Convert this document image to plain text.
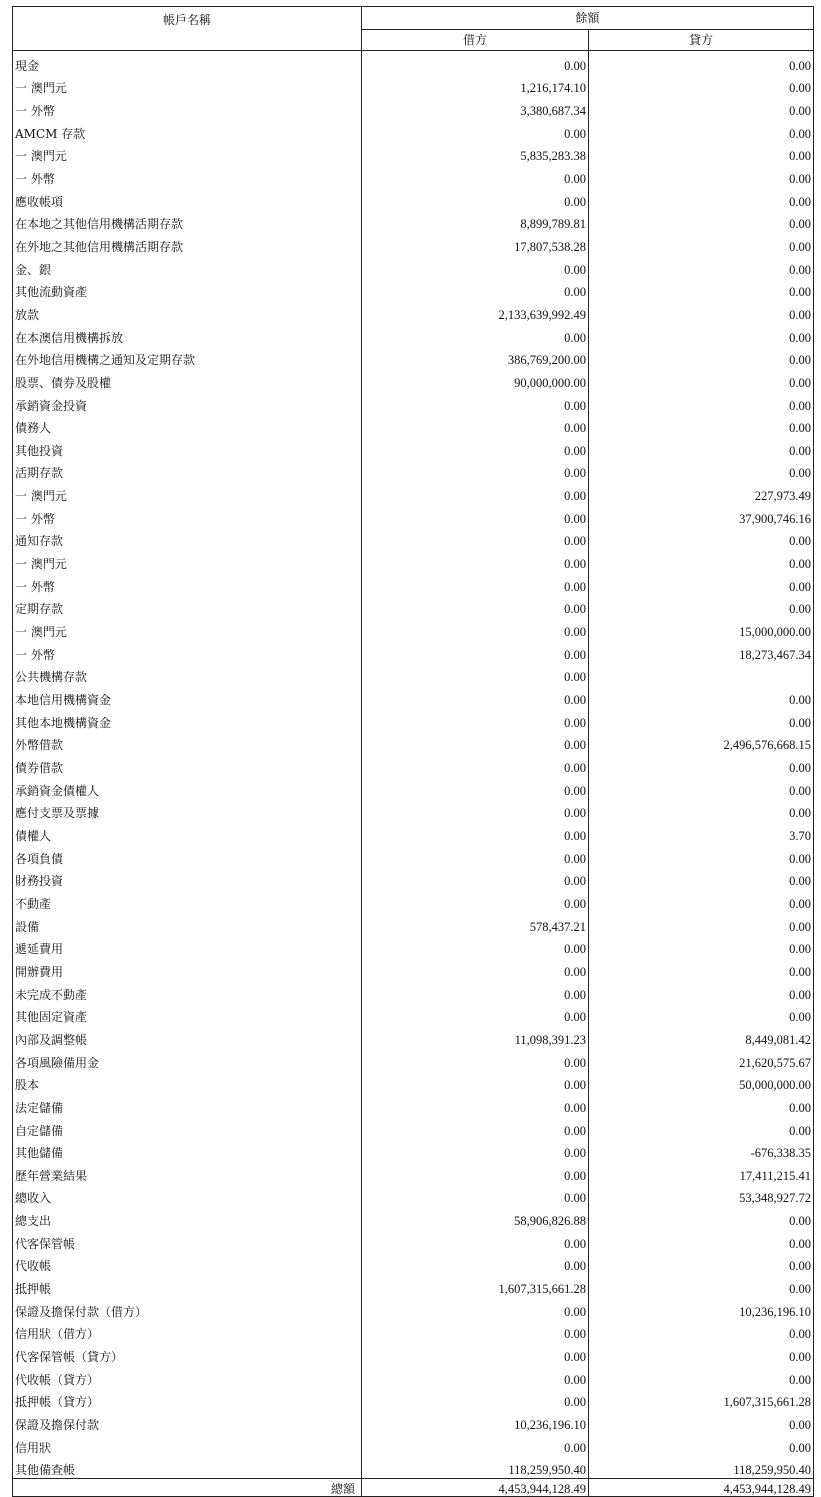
帳戶名稱	餘額	
	借方	貸方
現金	0.00	0.00
一 澳門元	1,216,174.10	0.00
一 外幣	3,380,687.34	0.00
AMCM 存款	0.00	0.00
一 澳門元	5,835,283.38	0.00
一 外幣	0.00	0.00
應收帳項	0.00	0.00
在本地之其他信用機構活期存款	8,899,789.81	0.00
在外地之其他信用機構活期存款	17,807,538.28	0.00
金、銀	0.00	0.00
其他流動資產	0.00	0.00
放款	2,133,639,992.49	0.00
在本澳信用機構拆放	0.00	0.00
在外地信用機構之通知及定期存款	386,769,200.00	0.00
股票、債券及股權	90,000,000.00	0.00
承銷資金投資	0.00	0.00
債務人	0.00	0.00
其他投資	0.00	0.00
活期存款	0.00	0.00
一 澳門元	0.00	227,973.49
一 外幣	0.00	37,900,746.16
通知存款	0.00	0.00
一 澳門元	0.00	0.00
一 外幣	0.00	0.00
定期存款	0.00	0.00
一 澳門元	0.00	15,000,000.00
一 外幣	0.00	18,273,467.34
公共機構存款	0.00	
本地信用機構資金	0.00	0.00
其他本地機構資金	0.00	0.00
外幣借款	0.00	2,496,576,668.15
債券借款	0.00	0.00
承銷資金債權人	0.00	0.00
應付支票及票據	0.00	0.00
債權人	0.00	3.70
各項負債	0.00	0.00
財務投資	0.00	0.00
不動產	0.00	0.00
設備	578,437.21	0.00
遞延費用	0.00	0.00
開辦費用	0.00	0.00
未完成不動產	0.00	0.00
其他固定資產	0.00	0.00
內部及調整帳	11,098,391.23	8,449,081.42
各項風險備用金	0.00	21,620,575.67
股本	0.00	50,000,000.00
法定儲備	0.00	0.00
自定儲備	0.00	0.00
其他儲備	0.00	-676,338.35
歷年營業結果	0.00	17,411,215.41
總收入	0.00	53,348,927.72
總支出	58,906,826.88	0.00
代客保管帳	0.00	0.00
代收帳	0.00	0.00
抵押帳	1,607,315,661.28	0.00
保證及擔保付款（借方）	0.00	10,236,196.10
信用狀（借方）	0.00	0.00
代客保管帳（貸方）	0.00	0.00
代收帳（貸方）	0.00	0.00
抵押帳（貸方）	0.00	1,607,315,661.28
保證及擔保付款	10,236,196.10	0.00
信用狀	0.00	0.00
其他備查帳	118,259,950.40	118,259,950.40
總額	4,453,944,128.49	4,453,944,128.49
